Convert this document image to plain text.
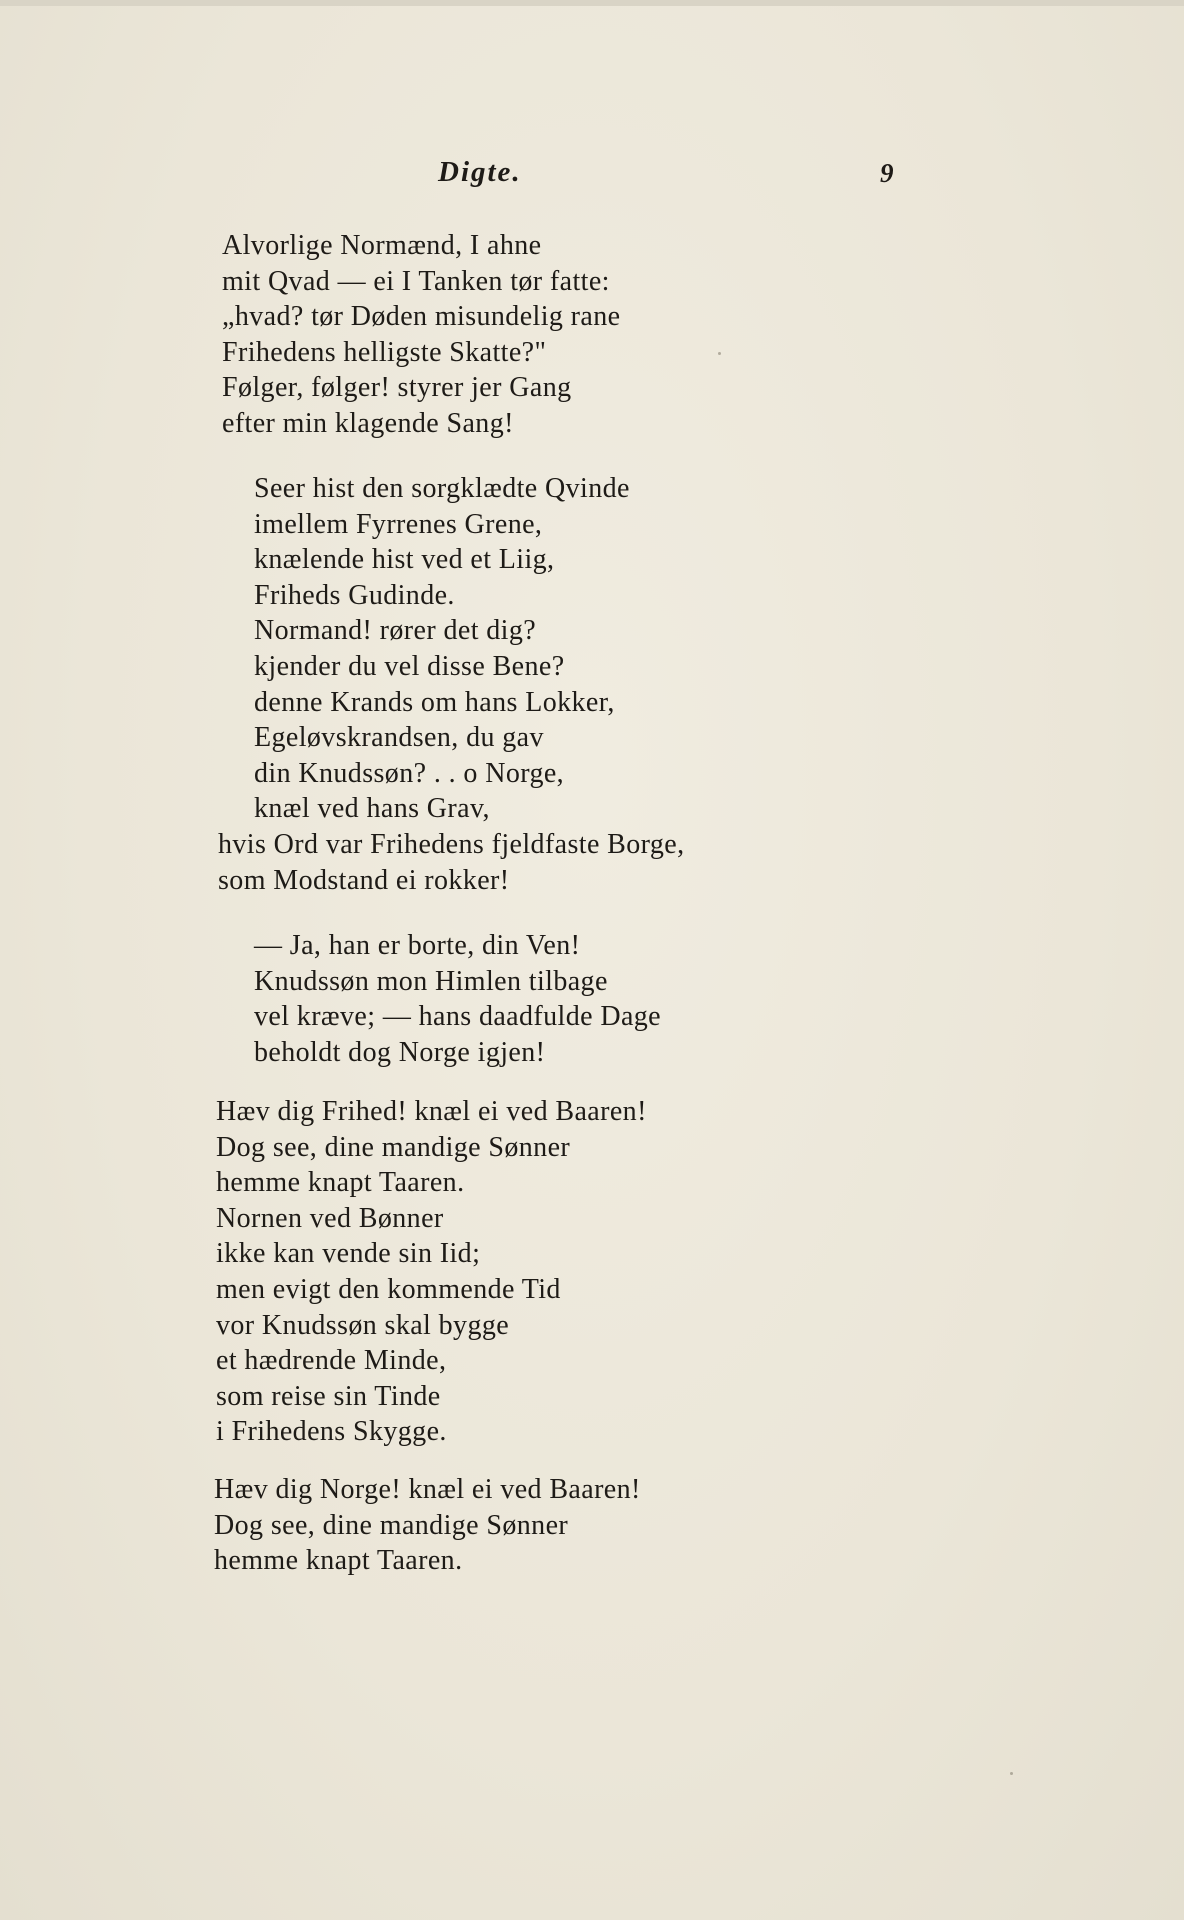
Digte.	9
Alvorlige Normænd, I ahne
mit Qvad — ei I Tanken tør fatte:
„hvad? tør Døden misundelig rane
Frihedens helligste Skatte?"
Følger, følger! styrer jer Gang
efter min klagende Sang!
Seer hist den sorgklædte Qvinde
imellem Fyrrenes Grene,
knælende hist ved et Liig,
Friheds Gudinde.
Normand! rører det dig?
kjender du vel disse Bene?
denne Krands om hans Lokker,
Egeløvskrandsen, du gav
din Knudssøn? . . o Norge,
knæl ved hans Grav,
hvis Ord var Frihedens fjeldfaste Borge,
som Modstand ei rokker!
— Ja, han er borte, din Ven!
Knudssøn mon Himlen tilbage
vel kræve; — hans daadfulde Dage
beholdt dog Norge igjen!
Hæv dig Frihed! knæl ei ved Baaren!
Dog see, dine mandige Sønner
hemme knapt Taaren.
Nornen ved Bønner
ikke kan vende sin Iid;
men evigt den kommende Tid
vor Knudssøn skal bygge
et hædrende Minde,
som reise sin Tinde
i Frihedens Skygge.
Hæv dig Norge! knæl ei ved Baaren!
Dog see, dine mandige Sønner
hemme knapt Taaren.
